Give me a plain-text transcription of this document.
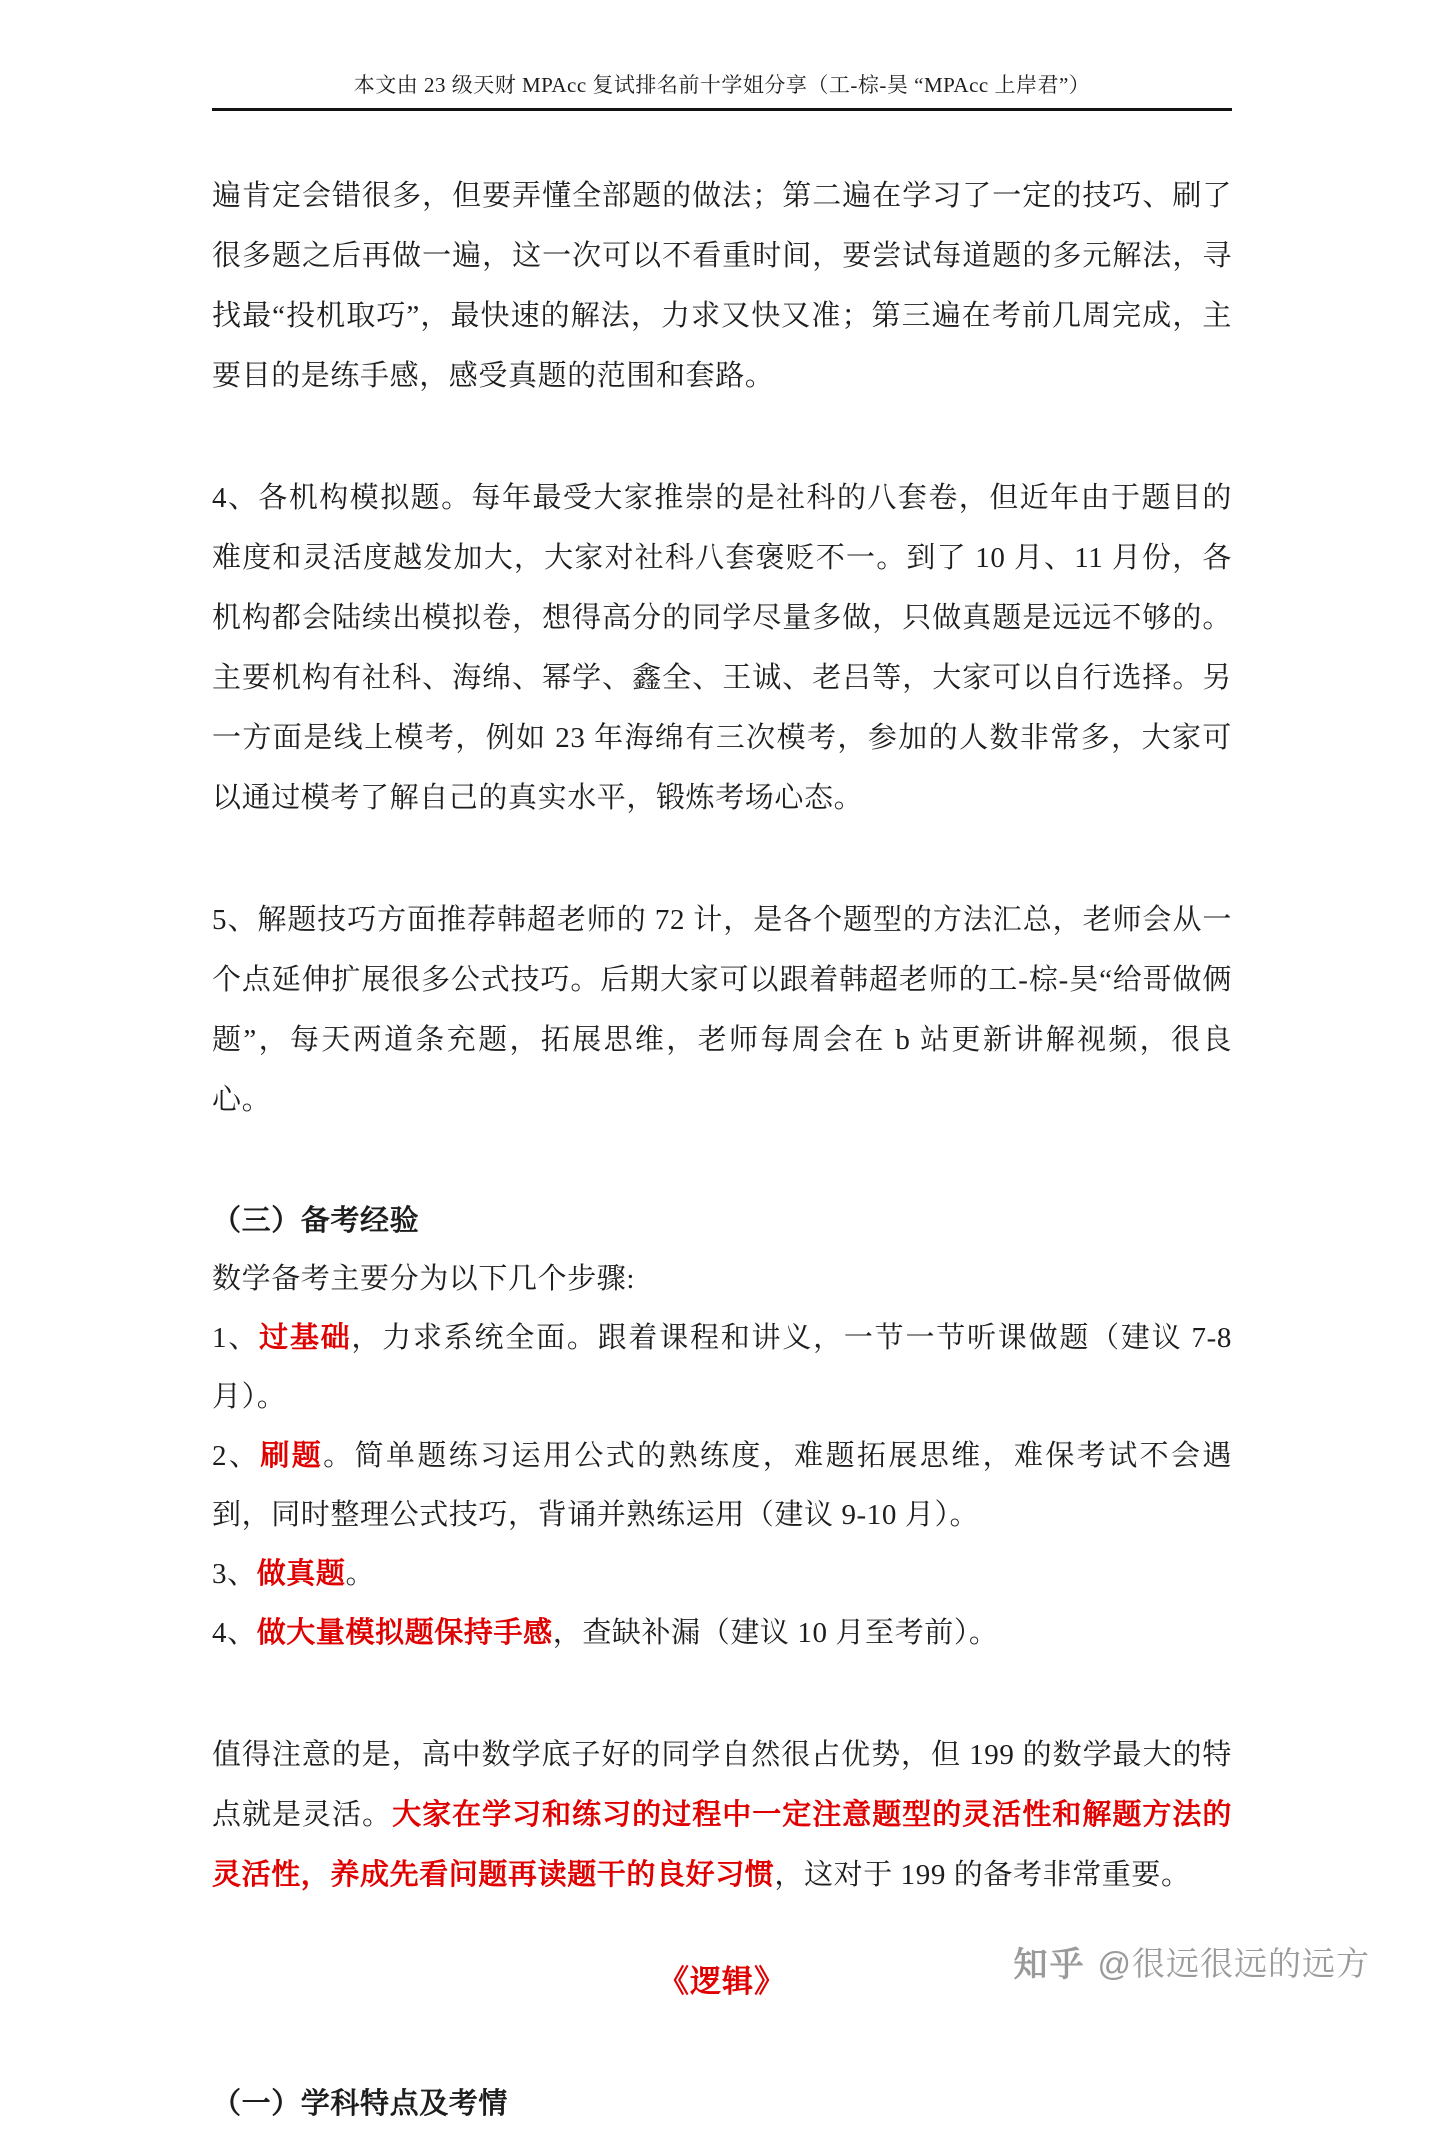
本文由 23 级天财 MPAcc 复试排名前十学姐分享（工-棕-昊 “MPAcc 上岸君”）

遍肯定会错很多，但要弄懂全部题的做法；第二遍在学习了一定的技巧、刷了很多题之后再做一遍，这一次可以不看重时间，要尝试每道题的多元解法，寻找最“投机取巧”，最快速的解法，力求又快又准；第三遍在考前几周完成，主要目的是练手感，感受真题的范围和套路。

4、各机构模拟题。每年最受大家推崇的是社科的八套卷，但近年由于题目的难度和灵活度越发加大，大家对社科八套褒贬不一。到了 10 月、11 月份，各机构都会陆续出模拟卷，想得高分的同学尽量多做，只做真题是远远不够的。主要机构有社科、海绵、幂学、鑫全、王诚、老吕等，大家可以自行选择。另一方面是线上模考，例如 23 年海绵有三次模考，参加的人数非常多，大家可以通过模考了解自己的真实水平，锻炼考场心态。

5、解题技巧方面推荐韩超老师的 72 计，是各个题型的方法汇总，老师会从一个点延伸扩展很多公式技巧。后期大家可以跟着韩超老师的工-棕-昊“给哥做俩题”，每天两道条充题，拓展思维，老师每周会在 b 站更新讲解视频，很良心。

（三）备考经验

数学备考主要分为以下几个步骤:

1、过基础，力求系统全面。跟着课程和讲义，一节一节听课做题（建议 7-8 月）。

2、刷题。简单题练习运用公式的熟练度，难题拓展思维，难保考试不会遇到，同时整理公式技巧，背诵并熟练运用（建议 9-10 月）。

3、做真题。

4、做大量模拟题保持手感，查缺补漏（建议 10 月至考前）。

值得注意的是，高中数学底子好的同学自然很占优势，但 199 的数学最大的特点就是灵活。大家在学习和练习的过程中一定注意题型的灵活性和解题方法的灵活性，养成先看问题再读题干的良好习惯，这对于 199 的备考非常重要。

《逻辑》

（一）学科特点及考情

知乎 @很远很远的远方
